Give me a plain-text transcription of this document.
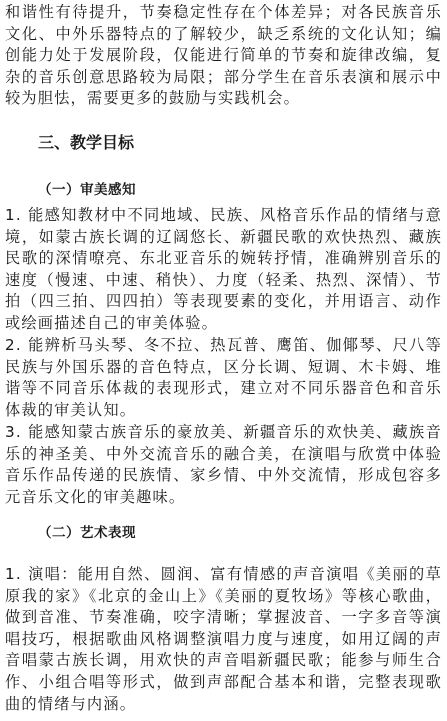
和谐性有待提升，节奏稳定性存在个体差异；对各民族音乐文化、中外乐器特点的了解较少，缺乏系统的文化认知；编创能力处于发展阶段，仅能进行简单的节奏和旋律改编，复杂的音乐创意思路较为局限；部分学生在音乐表演和展示中较为胆怯，需要更多的鼓励与实践机会。

三、教学目标
（一）审美感知

1. 能感知教材中不同地域、民族、风格音乐作品的情绪与意境，如蒙古族长调的辽阔悠长、新疆民歌的欢快热烈、藏族民歌的深情嘹亮、东北亚音乐的婉转抒情，准确辨别音乐的速度（慢速、中速、稍快）、力度（轻柔、热烈、深情）、节拍（四三拍、四四拍）等表现要素的变化，并用语言、动作或绘画描述自己的审美体验。

2. 能辨析马头琴、冬不拉、热瓦普、鹰笛、伽倻琴、尺八等民族与外国乐器的音色特点，区分长调、短调、木卡姆、堆谐等不同音乐体裁的表现形式，建立对不同乐器音色和音乐体裁的审美认知。

3. 能感知蒙古族音乐的豪放美、新疆音乐的欢快美、藏族音乐的神圣美、中外交流音乐的融合美，在演唱与欣赏中体验音乐作品传递的民族情、家乡情、中外交流情，形成包容多元音乐文化的审美趣味。

（二）艺术表现

1. 演唱：能用自然、圆润、富有情感的声音演唱《美丽的草原我的家》《北京的金山上》《美丽的夏牧场》等核心歌曲，做到音准、节奏准确，咬字清晰；掌握波音、一字多音等演唱技巧，根据歌曲风格调整演唱力度与速度，如用辽阔的声音唱蒙古族长调，用欢快的声音唱新疆民歌；能参与师生合作、小组合唱等形式，做到声部配合基本和谐，完整表现歌曲的情绪与内涵。
